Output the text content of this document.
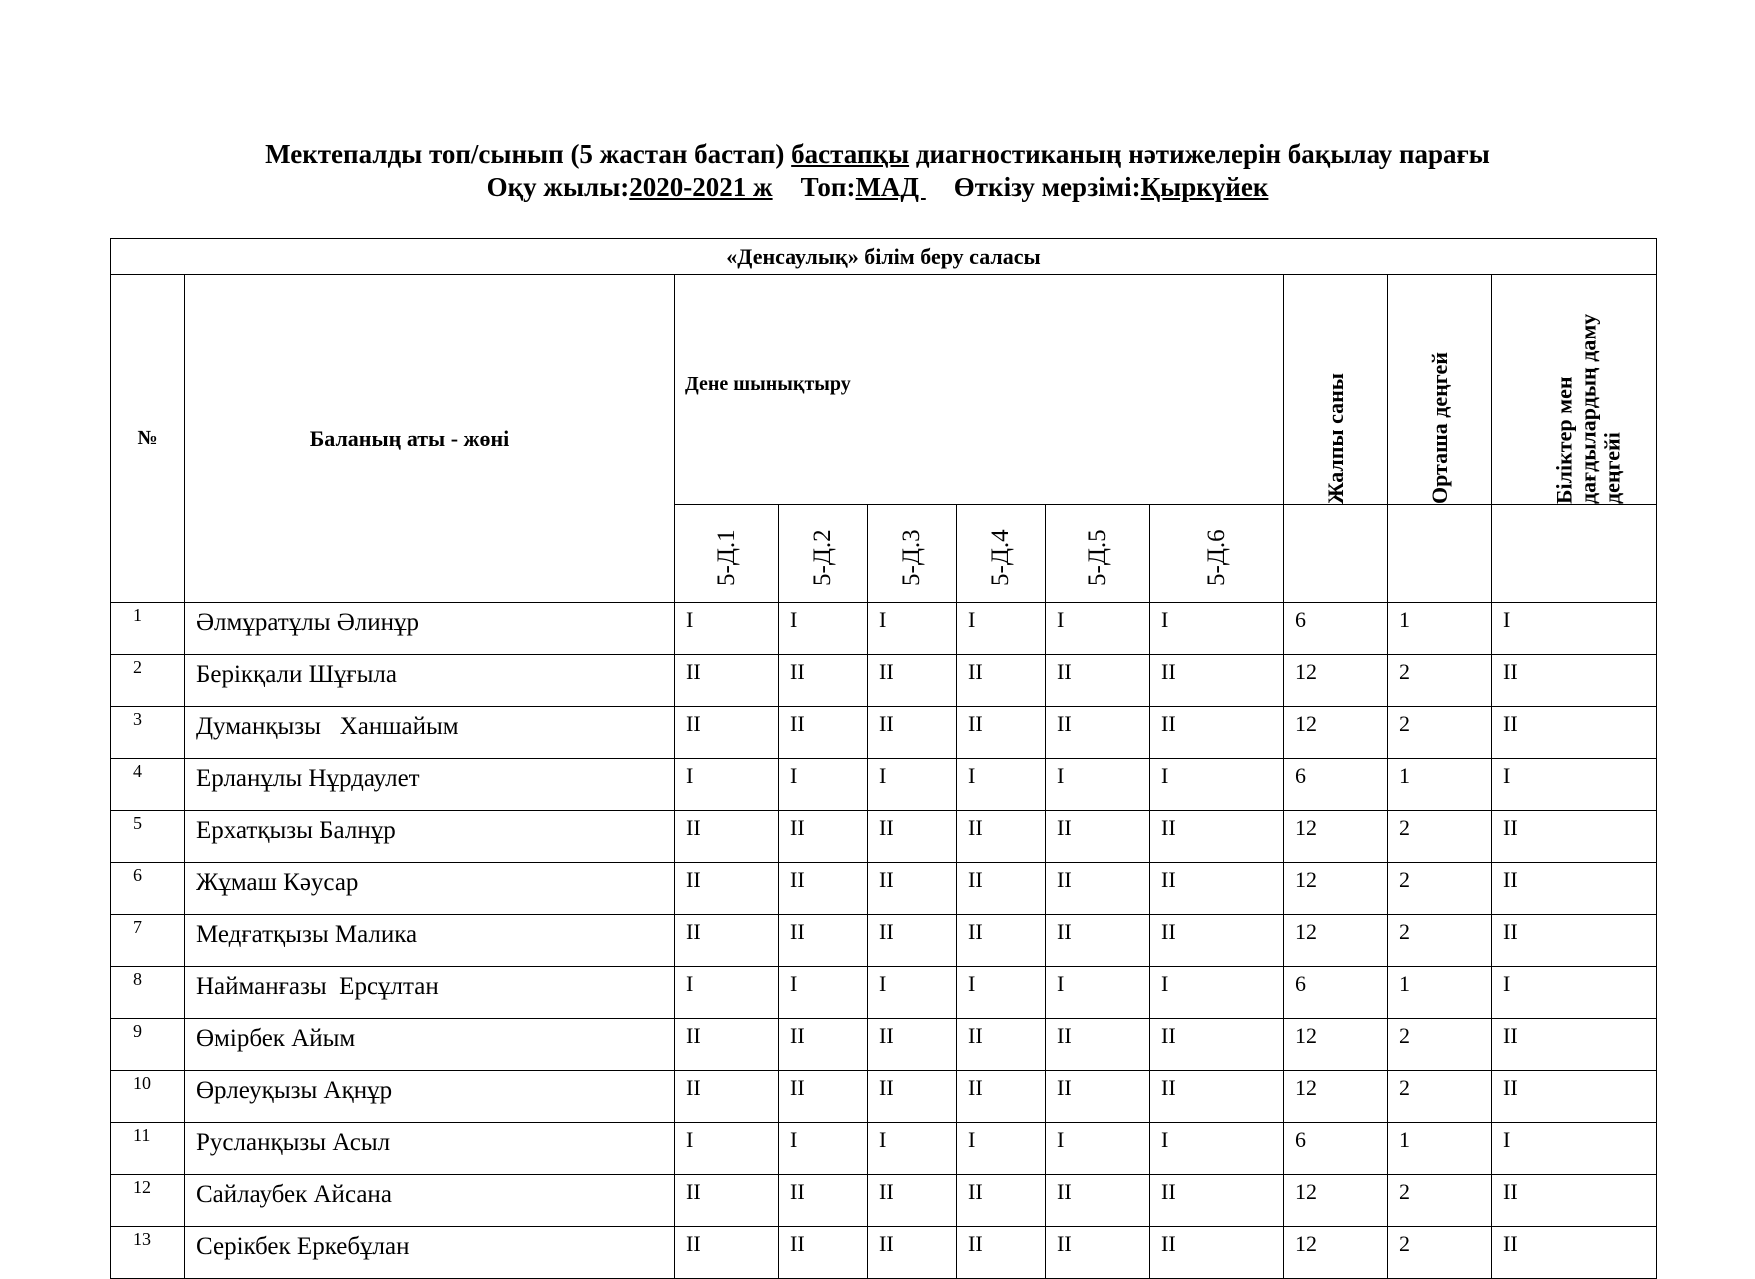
Мектепалды топ/сынып (5 жастан бастап) бастапқы диагностиканың нәтижелерін бақылау парағы
Оқу жылы:2020-2021 ж Топ:МАД Өткізу мерзімі:Қыркүйек
«Денсаулық» білім беру саласы										
№	Баланың аты - жөні	Дене шынықтыру						Жалпы саны	Орташа деңгей	Біліктер мен дағдылардың даму деңгейі

		5-Д.1	5-Д.2	5-Д.3	5-Д.4	5-Д.5	5-Д.6			

1	Әлмұратұлы Әлинұр	I	I	I	I	I	I	6	1	I
2	Берікқали Шұғыла	II	II	II	II	II	II	12	2	II
3	Думанқызы   Ханшайым	II	II	II	II	II	II	12	2	II
4	Ерланұлы Нұрдаулет	I	I	I	I	I	I	6	1	I
5	Ерхатқызы Балнұр	II	II	II	II	II	II	12	2	II
6	Жұмаш Кәусар	II	II	II	II	II	II	12	2	II
7	Медғатқызы Малика	II	II	II	II	II	II	12	2	II
8	Найманғазы  Ерсұлтан	I	I	I	I	I	I	6	1	I
9	Өмірбек Айым	II	II	II	II	II	II	12	2	II
10	Өрлеуқызы Ақнұр	II	II	II	II	II	II	12	2	II
11	Русланқызы Асыл	I	I	I	I	I	I	6	1	I
12	Сайлаубек Айсана	II	II	II	II	II	II	12	2	II
13	Серікбек Еркебұлан	II	II	II	II	II	II	12	2	II
